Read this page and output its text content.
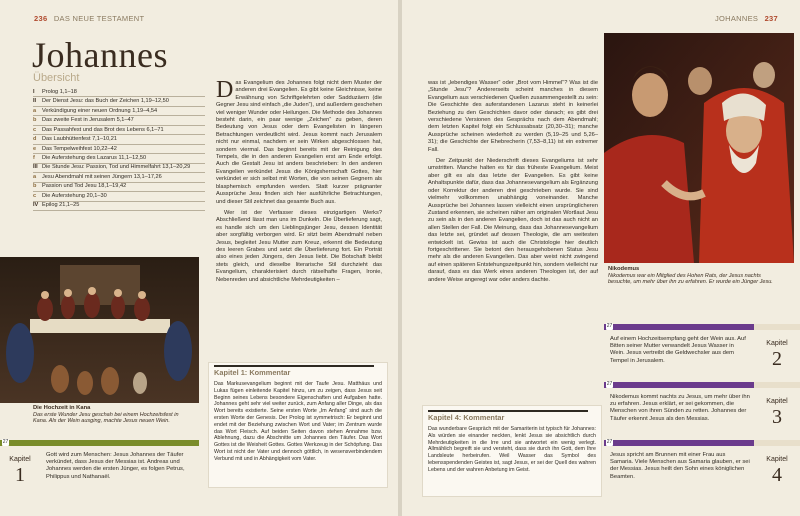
236 DAS NEUE TESTAMENT
Johannes
Übersicht
I	Prolog 1,1–18
II	Der Dienst Jesu: das Buch der Zeichen 1,19–12,50
a	Verkündigung einer neuen Ordnung 1,19–4,54
b Das zweite Fest in Jerusalem 5,1–47
c	Das Passahfest und das Brot des Lebens 6,1–71
d Das Laubhüttenfest 7,1–10,21
e	Das Tempelweihfest 10,22–42
f	Die Auferstehung des Lazarus 11,1–12,50
III Die Stunde Jesu: Passion, Tod und Himmelfahrt 13,1–20,29
a	Jesu Abendmahl mit seinen Jüngern 13,1–17,26
b Passion und Tod Jesu 18,1–19,42
c	Die Auferstehung 20,1–30
IV Epilog 21,1–25

Das Evangelium des Johannes folgt nicht dem Muster der anderen drei Evangelien. Es gibt keine Gleichnisse, keine Erwähnung von Schriftgelehrten oder Sadduzäern (die Gegner Jesu sind einfach „die Juden“), und außerdem geschehen viel weniger Wunder oder Heilungen. Die Methode des Johannes besteht darin, ein paar wenige „Zeichen“ zu geben, deren Bedeutung von Jesus oder dem Evangelisten in längeren Betrachtungen verdeutlicht wird. Jesus kommt nach Jerusalem nicht nur einmal, nachdem er sein Wirken abgeschlossen hat, sondern viermal. Das beginnt bereits mit der Reinigung des Tempels, die in den anderen Evangelien erst am Ende erfolgt. Auch die Gestalt Jesu ist anders beschrieben: In den anderen Evangelien verkündet Jesus die Königsherrschaft Gottes, hier verkündet er sich selbst mit Worten, die von seinen Gegnern als blasphemisch empfunden werden. Statt kurzer prägnanter Aussprüche Jesu finden sich hier ausführliche Betrachtungen, und dieser Stil zeichnet das gesamte Buch aus.

Wer ist der Verfasser dieses einzigartigen Werks? Abschließend lässt man uns im Dunkeln. Die Überlieferung sagt, es handle sich um den Lieblingsjünger Jesu, dessen Identität aber sorgfältig verborgen wird. Er sitzt beim Abendmahl neben Jesus, begleitet Jesu Mutter zum Kreuz, erkennt die Bedeutung des leeren Grabes und setzt die Überlieferung fort. Ein Porträt also eines jeden Jüngers, den Jesus liebt. Die Botschaft bleibt stets gleich, und dieselbe literarische Stil durchzieht das Evangelium, charakterisiert durch rätselhafte Fragen, Ironie, Nebenreden und absichtliche Mehrdeutigkeiten –

Die Hochzeit in Kana
Das erste Wunder Jesu geschah bei einem Hochzeitsfest in Kana. Als der Wein ausging, machte Jesus neuen Wein.
Kapitel 1: Kommentar
Das Markusevangelium beginnt mit der Taufe Jesu. Matthäus und Lukas fügen einleitende Kapitel hinzu, um zu zeigen, dass Jesus seit Beginn seines Lebens besondere Eigenschaften und Aufgaben hatte. Johannes geht sehr viel weiter zurück, zum Anfang aller Dinge, als das Wort bereits existierte. Seine ersten Worte „Im Anfang“ sind auch die ersten Worte der Genesis. Der Prolog ist symmetrisch: Er beginnt und endet mit der Beziehung zwischen Wort und Vater; im Zentrum wurde das Wort Fleisch. Auf beiden Seiten davon stehen Annahme bzw. Ablehnung, dazu die Abschnitte um Johannes den Täufer. Das Wort Gottes ist die Weisheit Gottes. Gottes Werkzeug in der Schöpfung. Das Wort ist nicht der Vater und dennoch göttlich, in wesensverbindendem Verbund mit und in Abhängigkeit vom Vater.
27
Kapitel
1
Gott wird zum Menschen: Jesus Johannes der Täufer verkündet, dass Jesus der Messias ist. Andreas und Johannes werden die ersten Jünger, es folgen Petrus, Philippus und Nathanaël.
JOHANNES 237

was ist „lebendiges Wasser“ oder „Brot vom Himmel“? Was ist die „Stunde Jesu“? Andererseits scheint manches in diesem Evangelium aus verschiedenen Quellen zusammengestellt zu sein: Die Geschichte des auferstandenen Lazarus steht in keinerlei Beziehung zu den Geschichten davor oder danach; es gibt drei verschiedene Versionen des Gesprächs nach dem Abendmahl; dem letzten Kapitel folgt ein Schlussabsatz (20,30–31); manche Aussprüche scheinen wiederholt zu werden (5,19–25 und 5,26–31); die Geschichte der Ehebrecherin (7,53–8,11) ist ein extremer Fall.

Der Zeitpunkt der Niederschrift dieses Evangeliums ist sehr umstritten. Manche halten es für das früheste Evangelium. Meist aber gilt es als das letzte der Evangelien. Es gibt keine Anhaltspunkte dafür, dass das Johannesevangelium als Ergänzung oder Korrektur der anderen drei geschrieben wurde. Sie sind vielmehr vollkommen unabhängig voneinander. Manche Aussprüche bei Johannes lassen vielleicht einen ursprünglicheren Zustand erkennen, sie scheinen näher am originalen Wortlaut Jesu zu sein als in den anderen Evangelien, doch ist das auch nicht an allen Stellen der Fall. Die Meinung, dass das Johannesevangelium das letzte sei, gründet auf dessen Theologie, die am weitesten entwickelt ist. Gewiss ist auch die Christologie hier deutlich fortgeschrittener. Sie betont den herausgehobenen Status Jesu mehr als die anderen Evangelien. Das aber weist nicht zwingend auf einen späteren Entstehungszeitpunkt hin, sondern vielleicht nur darauf, dass es das Werk eines anderen Theologen ist, der auf andere Weise angeregt war oder anders dachte.

Kapitel 4: Kommentar
Das wunderbare Gespräch mit der Samariterin ist typisch für Johannes: Als würden sie einander neckten, lenkt Jesus sie absichtlich durch Mehrdeutigkeiten in die Irre und sie antwortet ein wenig verlegt. Allmählich begreift sie und versteht, dass sie durch ihn Gott, dem Ihre Landsleute herbeirufen. Weil Wasser das Symbol des lebensspendenden Geistes ist, sagt Jesus, er sei der Quell des wahren Lebens und der wahren Anbetung im Geist.
Nikodemus
Nikodemus war ein Mitglied des Hohen Rats, der Jesus nachts besuchte, um mehr über ihn zu erfahren. Er wurde ein Jünger Jesu.
27
Auf einem Hochzeitsempfang geht der Wein aus. Auf Bitten seiner Mutter verwandelt Jesus Wasser in Wein. Jesus vertreibt die Geldwechsler aus dem Tempel in Jerusalem.
Kapitel
2
27
Nikodemus kommt nachts zu Jesus, um mehr über ihn zu erfahren. Jesus erklärt, er sei gekommen, die Menschen von ihren Sünden zu retten. Johannes der Täufer erkennt Jesus als den Messias.
Kapitel
3
27
Jesus spricht am Brunnen mit einer Frau aus Samaria. Viele Menschen aus Samaria glauben, er sei der Messias. Jesus heilt den Sohn eines königlichen Beamten.
Kapitel
4
